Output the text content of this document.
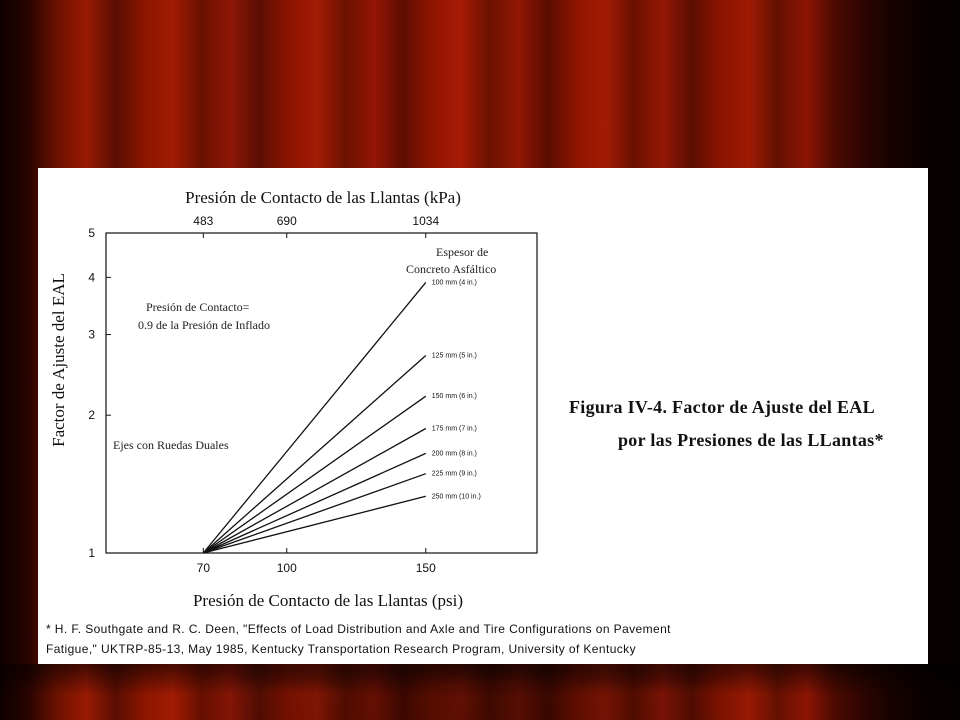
Presión de Contacto de las Llantas (kPa)
Presión de Contacto de las Llantas (psi)
Factor de Ajuste del EAL
Espesor de
Concreto Asfáltico
Presión de Contacto=
0.9 de la Presión de Inflado
Ejes con Ruedas Duales
1
2
3
4
5
70	100	150
483	690	1034
100 mm (4 in.)
125 mm (5 in.)
150 mm (6 in.)
175 mm (7 in.)
200 mm (8 in.)
225 mm (9 in.)
250 mm (10 in.)
Figura IV-4. Factor de Ajuste del EAL
por las Presiones de las LLantas*
* H. F. Southgate and R. C. Deen, "Effects of Load Distribution and Axle and Tire Configurations on Pavement
Fatigue," UKTRP-85-13, May 1985, Kentucky Transportation Research Program, University of Kentucky
